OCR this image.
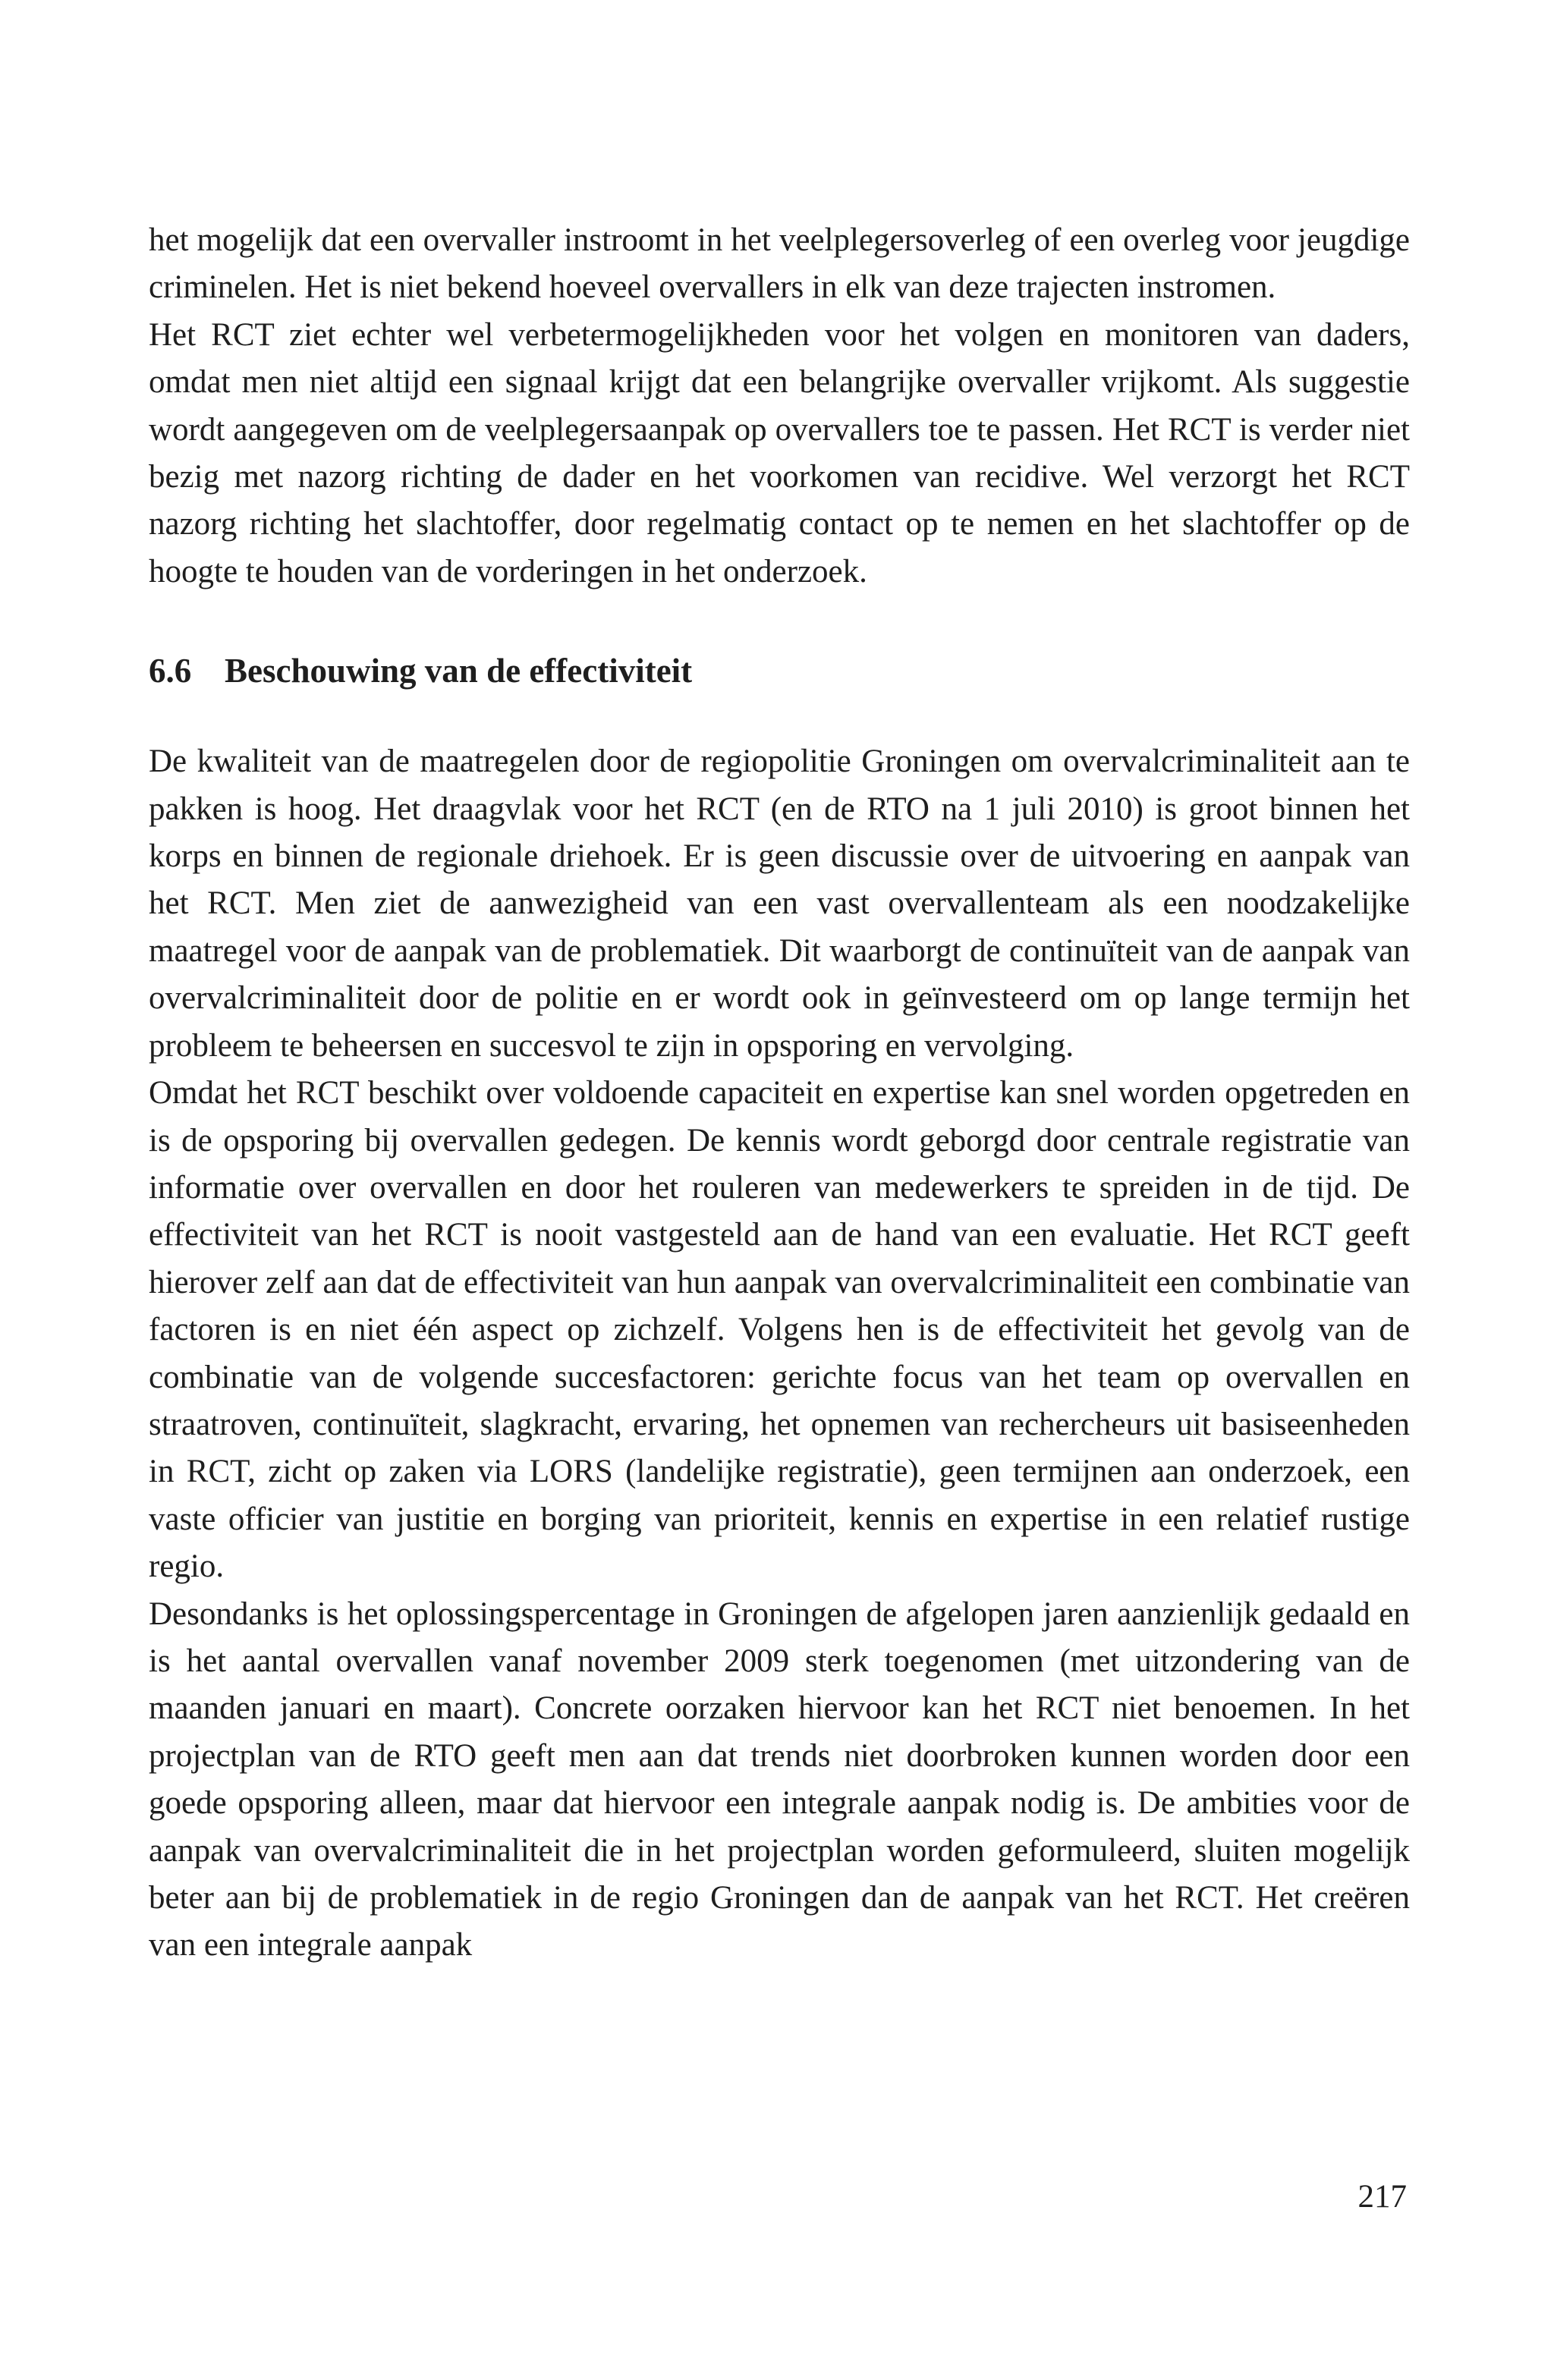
het mogelijk dat een overvaller instroomt in het veelplegersoverleg of een overleg voor jeugdige criminelen. Het is niet bekend hoeveel overvallers in elk van deze trajecten instromen.

Het RCT ziet echter wel verbetermogelijkheden voor het volgen en monitoren van daders, omdat men niet altijd een signaal krijgt dat een belangrijke overvaller vrijkomt. Als suggestie wordt aangegeven om de veelplegersaanpak op overvallers toe te passen. Het RCT is verder niet bezig met nazorg richting de dader en het voorkomen van recidive. Wel verzorgt het RCT nazorg richting het slachtoffer, door regelmatig contact op te nemen en het slachtoffer op de hoogte te houden van de vorderingen in het onderzoek.

6.6 Beschouwing van de effectiviteit

De kwaliteit van de maatregelen door de regiopolitie Groningen om overvalcriminaliteit aan te pakken is hoog. Het draagvlak voor het RCT (en de RTO na 1 juli 2010) is groot binnen het korps en binnen de regionale driehoek. Er is geen discussie over de uitvoering en aanpak van het RCT. Men ziet de aanwezigheid van een vast overvallenteam als een noodzakelijke maatregel voor de aanpak van de problematiek. Dit waarborgt de continuïteit van de aanpak van overvalcriminaliteit door de politie en er wordt ook in geïnvesteerd om op lange termijn het probleem te beheersen en succesvol te zijn in opsporing en vervolging.

Omdat het RCT beschikt over voldoende capaciteit en expertise kan snel worden opgetreden en is de opsporing bij overvallen gedegen. De kennis wordt geborgd door centrale registratie van informatie over overvallen en door het rouleren van medewerkers te spreiden in de tijd. De effectiviteit van het RCT is nooit vastgesteld aan de hand van een evaluatie. Het RCT geeft hierover zelf aan dat de effectiviteit van hun aanpak van overvalcriminaliteit een combinatie van factoren is en niet één aspect op zichzelf. Volgens hen is de effectiviteit het gevolg van de combinatie van de volgende succesfactoren: gerichte focus van het team op overvallen en straatroven, continuïteit, slagkracht, ervaring, het opnemen van rechercheurs uit basiseenheden in RCT, zicht op zaken via LORS (landelijke registratie), geen termijnen aan onderzoek, een vaste officier van justitie en borging van prioriteit, kennis en expertise in een relatief rustige regio.

Desondanks is het oplossingspercentage in Groningen de afgelopen jaren aanzienlijk gedaald en is het aantal overvallen vanaf november 2009 sterk toegenomen (met uitzondering van de maanden januari en maart). Concrete oorzaken hiervoor kan het RCT niet benoemen. In het projectplan van de RTO geeft men aan dat trends niet doorbroken kunnen worden door een goede opsporing alleen, maar dat hiervoor een integrale aanpak nodig is. De ambities voor de aanpak van overvalcriminaliteit die in het projectplan worden geformuleerd, sluiten mogelijk beter aan bij de problematiek in de regio Groningen dan de aanpak van het RCT. Het creëren van een integrale aanpak

217
